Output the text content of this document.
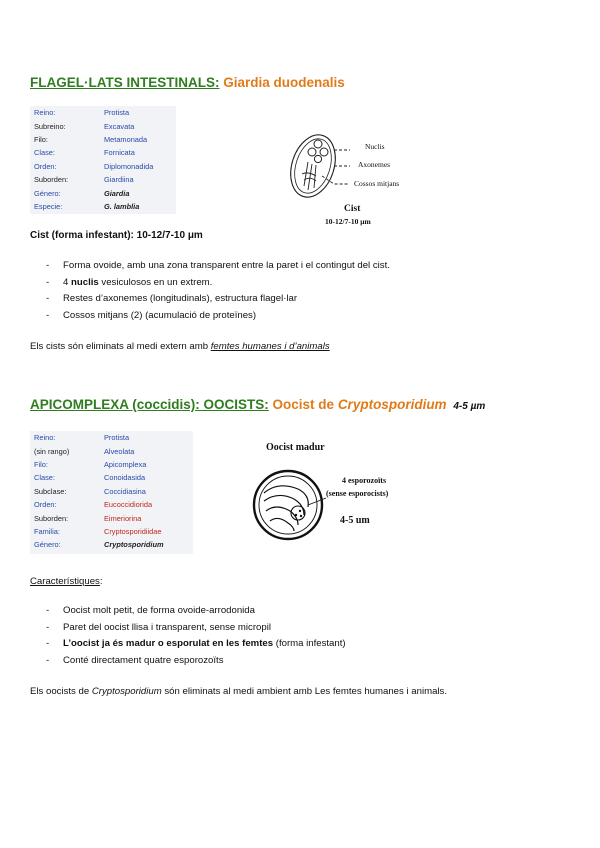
FLAGEL·LATS INTESTINALS: Giardia duodenalis
Reino:	Protista
Subreino:	Excavata
Filo:	Metamonada
Clase:	Fornicata
Orden:	Diplomonadida
Suborden:	Giardiina
Género:	Giardia
Especie:	G. lamblia
Nuclis
Axonemes
Cossos mitjans
Cist
10-12/7-10 μm
Cist (forma infestant): 10-12/7-10 μm
- Forma ovoide, amb una zona transparent entre la paret i el contingut del cist.
- 4 nuclis vesiculosos en un extrem.
- Restes d’axonemes (longitudinals), estructura flagel·lar
- Cossos mitjans (2) (acumulació de proteïnes)
Els cists són eliminats al medi extern amb femtes humanes i d’animals
APICOMPLEXA (coccidis): OOCISTS: Oocist de Cryptosporidium 4-5 µm
Reino:	Protista
(sin rango)	Alveolata
Filo:	Apicomplexa
Clase:	Conoidasida
Subclase:	Coccidiasina
Orden:	Eucoccidiorida
Suborden:	Eimeriorina
Familia:	Cryptosporidiidae
Género:	Cryptosporidium
Oocist madur
4 esporozoïts
(sense esporocists)
4-5 um
Característiques:
- Oocist molt petit, de forma ovoide-arrodonida
- Paret del oocist llisa i transparent, sense micropil
- L’oocist ja és madur o esporulat en les femtes (forma infestant)
- Conté directament quatre esporozoïts
Els oocists de Cryptosporidium són eliminats al medi ambient amb Les femtes humanes i animals.
